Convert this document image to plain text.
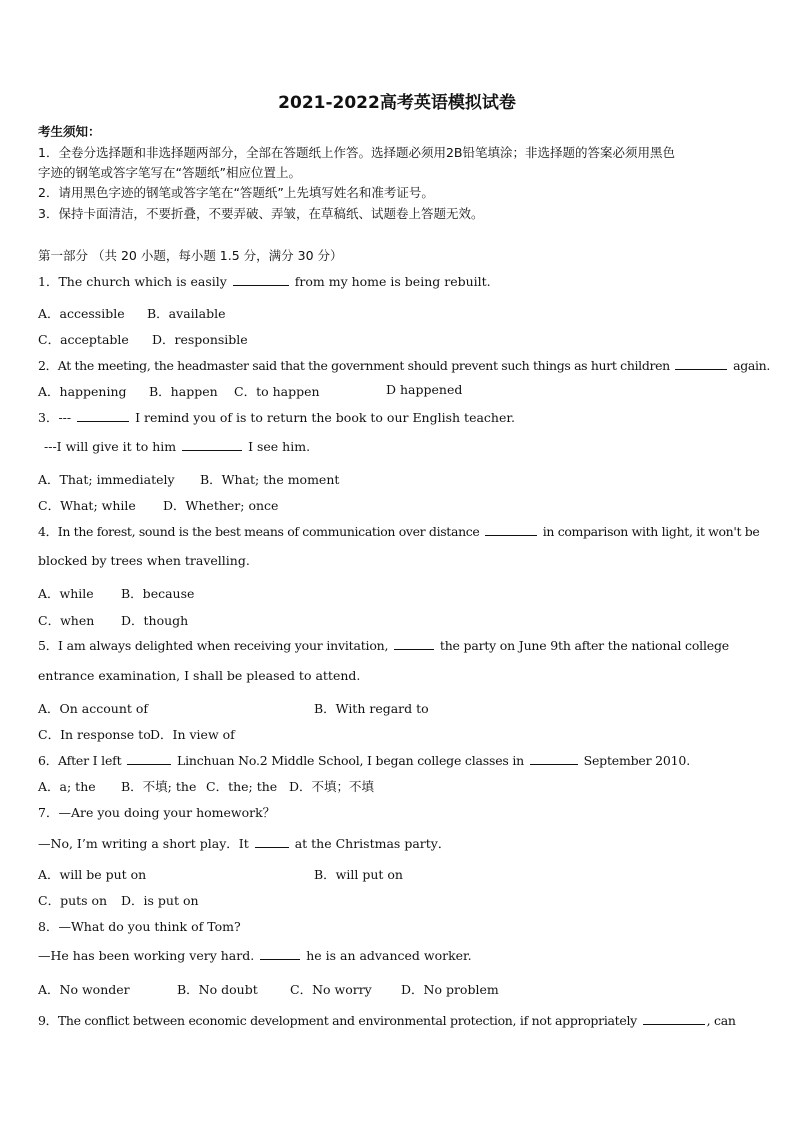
2021-2022高考英语模拟试卷
考生须知：
1．全卷分选择题和非选择题两部分，全部在答题纸上作答。选择题必须用2B铅笔填涂；非选择题的答案必须用黑色
字迹的钢笔或答字笔写在“答题纸”相应位置上。
2．请用黑色字迹的钢笔或答字笔在“答题纸”上先填写姓名和准考证号。
3．保持卡面清洁，不要折叠，不要弄破、弄皱，在草稿纸、试题卷上答题无效。
第一部分 （共 20 小题，每小题 1.5 分，满分 30 分）
1．The church which is easily	from my home is being rebuilt.
A．accessible B．available
C．acceptable D．responsible
2．At the meeting, the headmaster said that the government should prevent such things as hurt children	again.
A．happening B．happen C．to happen	D happened
3．---	I remind you of is to return the book to our English teacher.
---I will give it to him	I see him.
A．That; immediately B．What; the moment
C．What; while D．Whether; once
4．In the forest, sound is the best means of communication over distance	in comparison with light, it won't be
blocked by trees when travelling.
A．while B．because
C．when D．though
5．I am always delighted when receiving your invitation,	the party on June 9th after the national college
entrance examination, I shall be pleased to attend.
A．On account of	B．With regard to
C．In response to D．In view of
6．After I left	Linchuan No.2 Middle School, I began college classes in	September 2010.
A．a; the B．不填; the C．the; the D．不填；不填
7．—Are you doing your homework？
—No, I’m writing a short play．It	at the Christmas party．
A．will be put on	B．will put on
C．puts on D．is put on
8．—What do you think of Tom?
—He has been working very hard.	he is an advanced worker.
A．No wonder	B．No doubt	C．No worry D．No problem
9．The conflict between economic development and environmental protection, if not appropriately	, can
